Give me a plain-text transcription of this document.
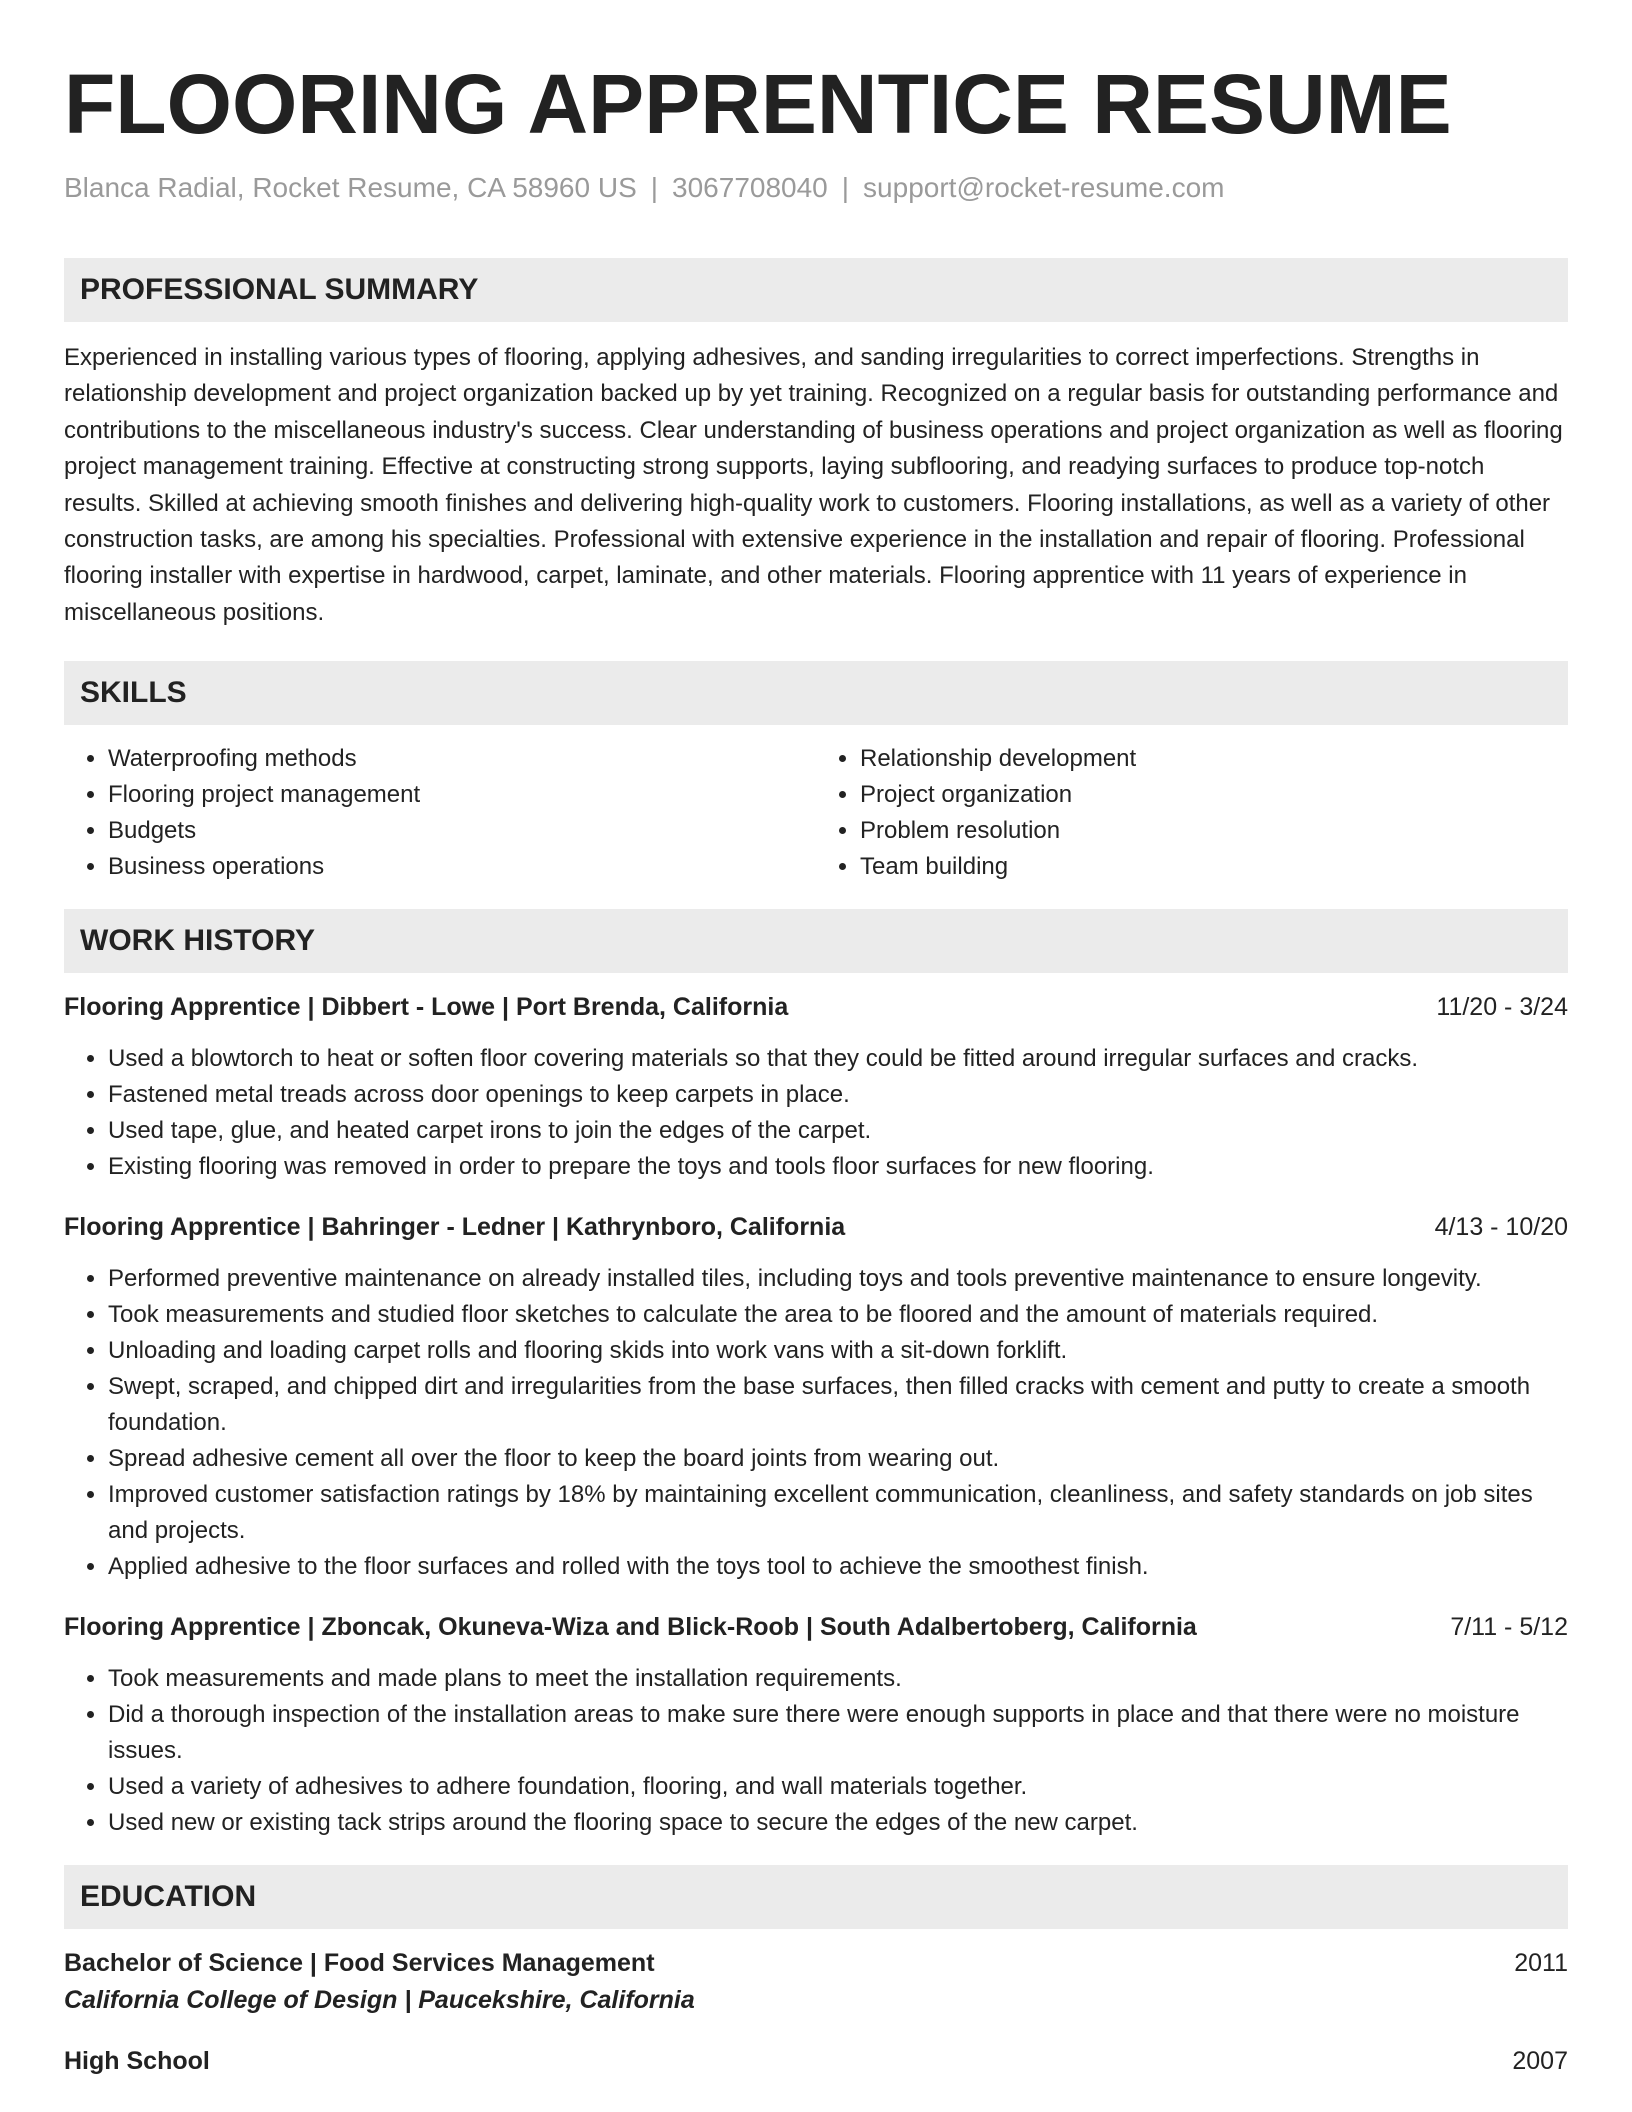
FLOORING APPRENTICE RESUME
Blanca Radial, Rocket Resume, CA 58960 US | 3067708040 | support@rocket-resume.com
PROFESSIONAL SUMMARY
Experienced in installing various types of flooring, applying adhesives, and sanding irregularities to correct imperfections. Strengths in relationship development and project organization backed up by yet training. Recognized on a regular basis for outstanding performance and contributions to the miscellaneous industry's success. Clear understanding of business operations and project organization as well as flooring project management training. Effective at constructing strong supports, laying subflooring, and readying surfaces to produce top-notch results. Skilled at achieving smooth finishes and delivering high-quality work to customers. Flooring installations, as well as a variety of other construction tasks, are among his specialties. Professional with extensive experience in the installation and repair of flooring. Professional flooring installer with expertise in hardwood, carpet, laminate, and other materials. Flooring apprentice with 11 years of experience in miscellaneous positions.
SKILLS
• Waterproofing methods
• Flooring project management
• Budgets
• Business operations
• Relationship development
• Project organization
• Problem resolution
• Team building
WORK HISTORY
Flooring Apprentice | Dibbert - Lowe | Port Brenda, California	11/20 - 3/24
• Used a blowtorch to heat or soften floor covering materials so that they could be fitted around irregular surfaces and cracks.
• Fastened metal treads across door openings to keep carpets in place.
• Used tape, glue, and heated carpet irons to join the edges of the carpet.
• Existing flooring was removed in order to prepare the toys and tools floor surfaces for new flooring.
Flooring Apprentice | Bahringer - Ledner | Kathrynboro, California	4/13 - 10/20
• Performed preventive maintenance on already installed tiles, including toys and tools preventive maintenance to ensure longevity.
• Took measurements and studied floor sketches to calculate the area to be floored and the amount of materials required.
• Unloading and loading carpet rolls and flooring skids into work vans with a sit-down forklift.
• Swept, scraped, and chipped dirt and irregularities from the base surfaces, then filled cracks with cement and putty to create a smooth foundation.
• Spread adhesive cement all over the floor to keep the board joints from wearing out.
• Improved customer satisfaction ratings by 18% by maintaining excellent communication, cleanliness, and safety standards on job sites and projects.
• Applied adhesive to the floor surfaces and rolled with the toys tool to achieve the smoothest finish.
Flooring Apprentice | Zboncak, Okuneva-Wiza and Blick-Roob | South Adalbertoberg, California	7/11 - 5/12
• Took measurements and made plans to meet the installation requirements.
• Did a thorough inspection of the installation areas to make sure there were enough supports in place and that there were no moisture issues.
• Used a variety of adhesives to adhere foundation, flooring, and wall materials together.
• Used new or existing tack strips around the flooring space to secure the edges of the new carpet.
EDUCATION
Bachelor of Science | Food Services Management	2011
California College of Design | Paucekshire, California
High School	2007
